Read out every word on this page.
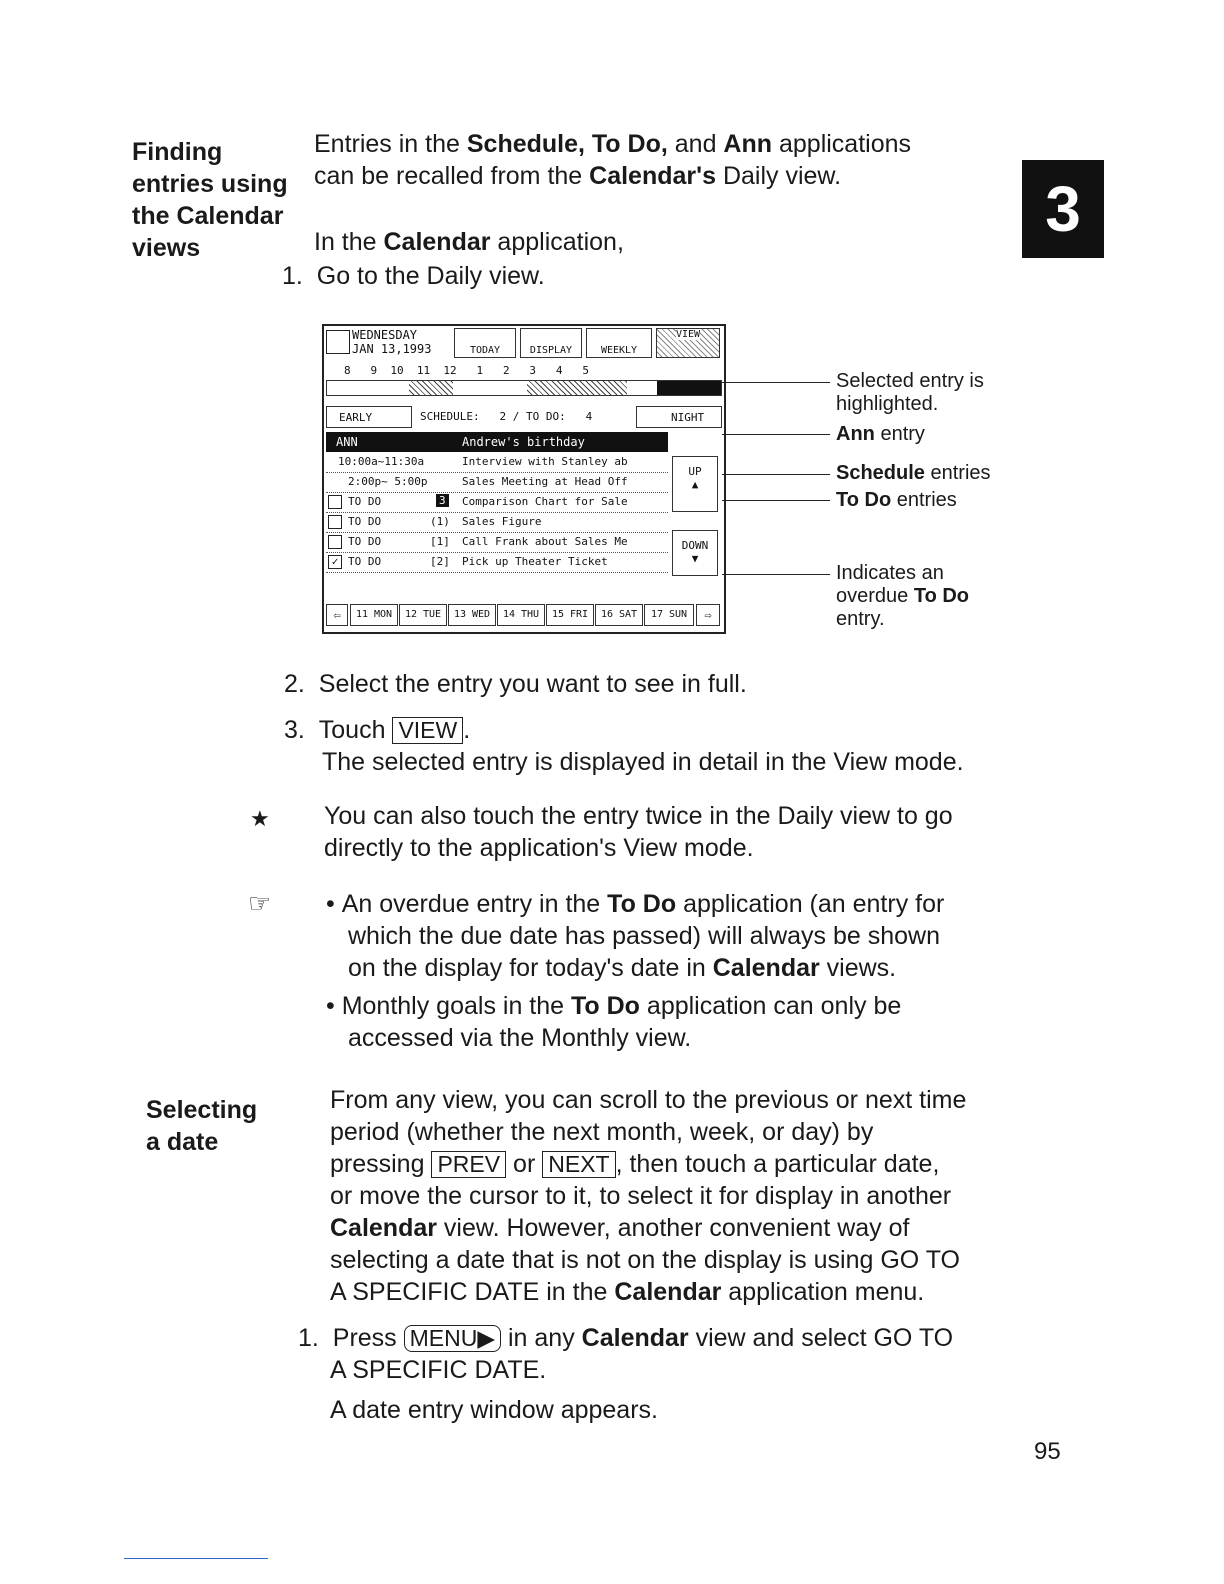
3
Finding
entries using
the Calendar
views
Entries in the Schedule, To Do, and Ann applications
can be recalled from the Calendar's Daily view.
In the Calendar application,
1. Go to the Daily view.
WEDNESDAY
JAN 13,1993	TODAY	DISPLAY	WEEKLY
VIEW
8   9  10  11  12   1   2   3   4   5
EARLY	SCHEDULE:   2 / TO DO:   4	NIGHT
ANN	Andrew's birthday
10:00a~11:30a	Interview with Stanley ab
2:00p~ 5:00p	Sales Meeting at Head Off
TO DO	3 Comparison Chart for Sale
TO DO	(1) Sales Figure
TO DO	[1] Call Frank about Sales Me
✓ TO DO	[2] Pick up Theater Ticket
UP
▲
DOWN
▼
⇦	11 MON	12 TUE	13 WED	14 THU	15 FRI	16 SAT	17 SUN	⇨
Selected entry is
highlighted.
Ann entry
Schedule entries
To Do entries
Indicates an
overdue To Do
entry.
2. Select the entry you want to see in full.
3. Touch VIEW .
The selected entry is displayed in detail in the View mode.
★ You can also touch the entry twice in the Daily view to go
directly to the application's View mode.
☞ • An overdue entry in the To Do application (an entry for
which the due date has passed) will always be shown
on the display for today's date in Calendar views.
• Monthly goals in the To Do application can only be
accessed via the Monthly view.
Selecting
a date
From any view, you can scroll to the previous or next time
period (whether the next month, week, or day) by
pressing PREV or NEXT , then touch a particular date,
or move the cursor to it, to select it for display in another
Calendar view. However, another convenient way of
selecting a date that is not on the display is using GO TO
A SPECIFIC DATE in the Calendar application menu.
1. Press MENU▶ in any Calendar view and select GO TO
A SPECIFIC DATE.
A date entry window appears.
95
